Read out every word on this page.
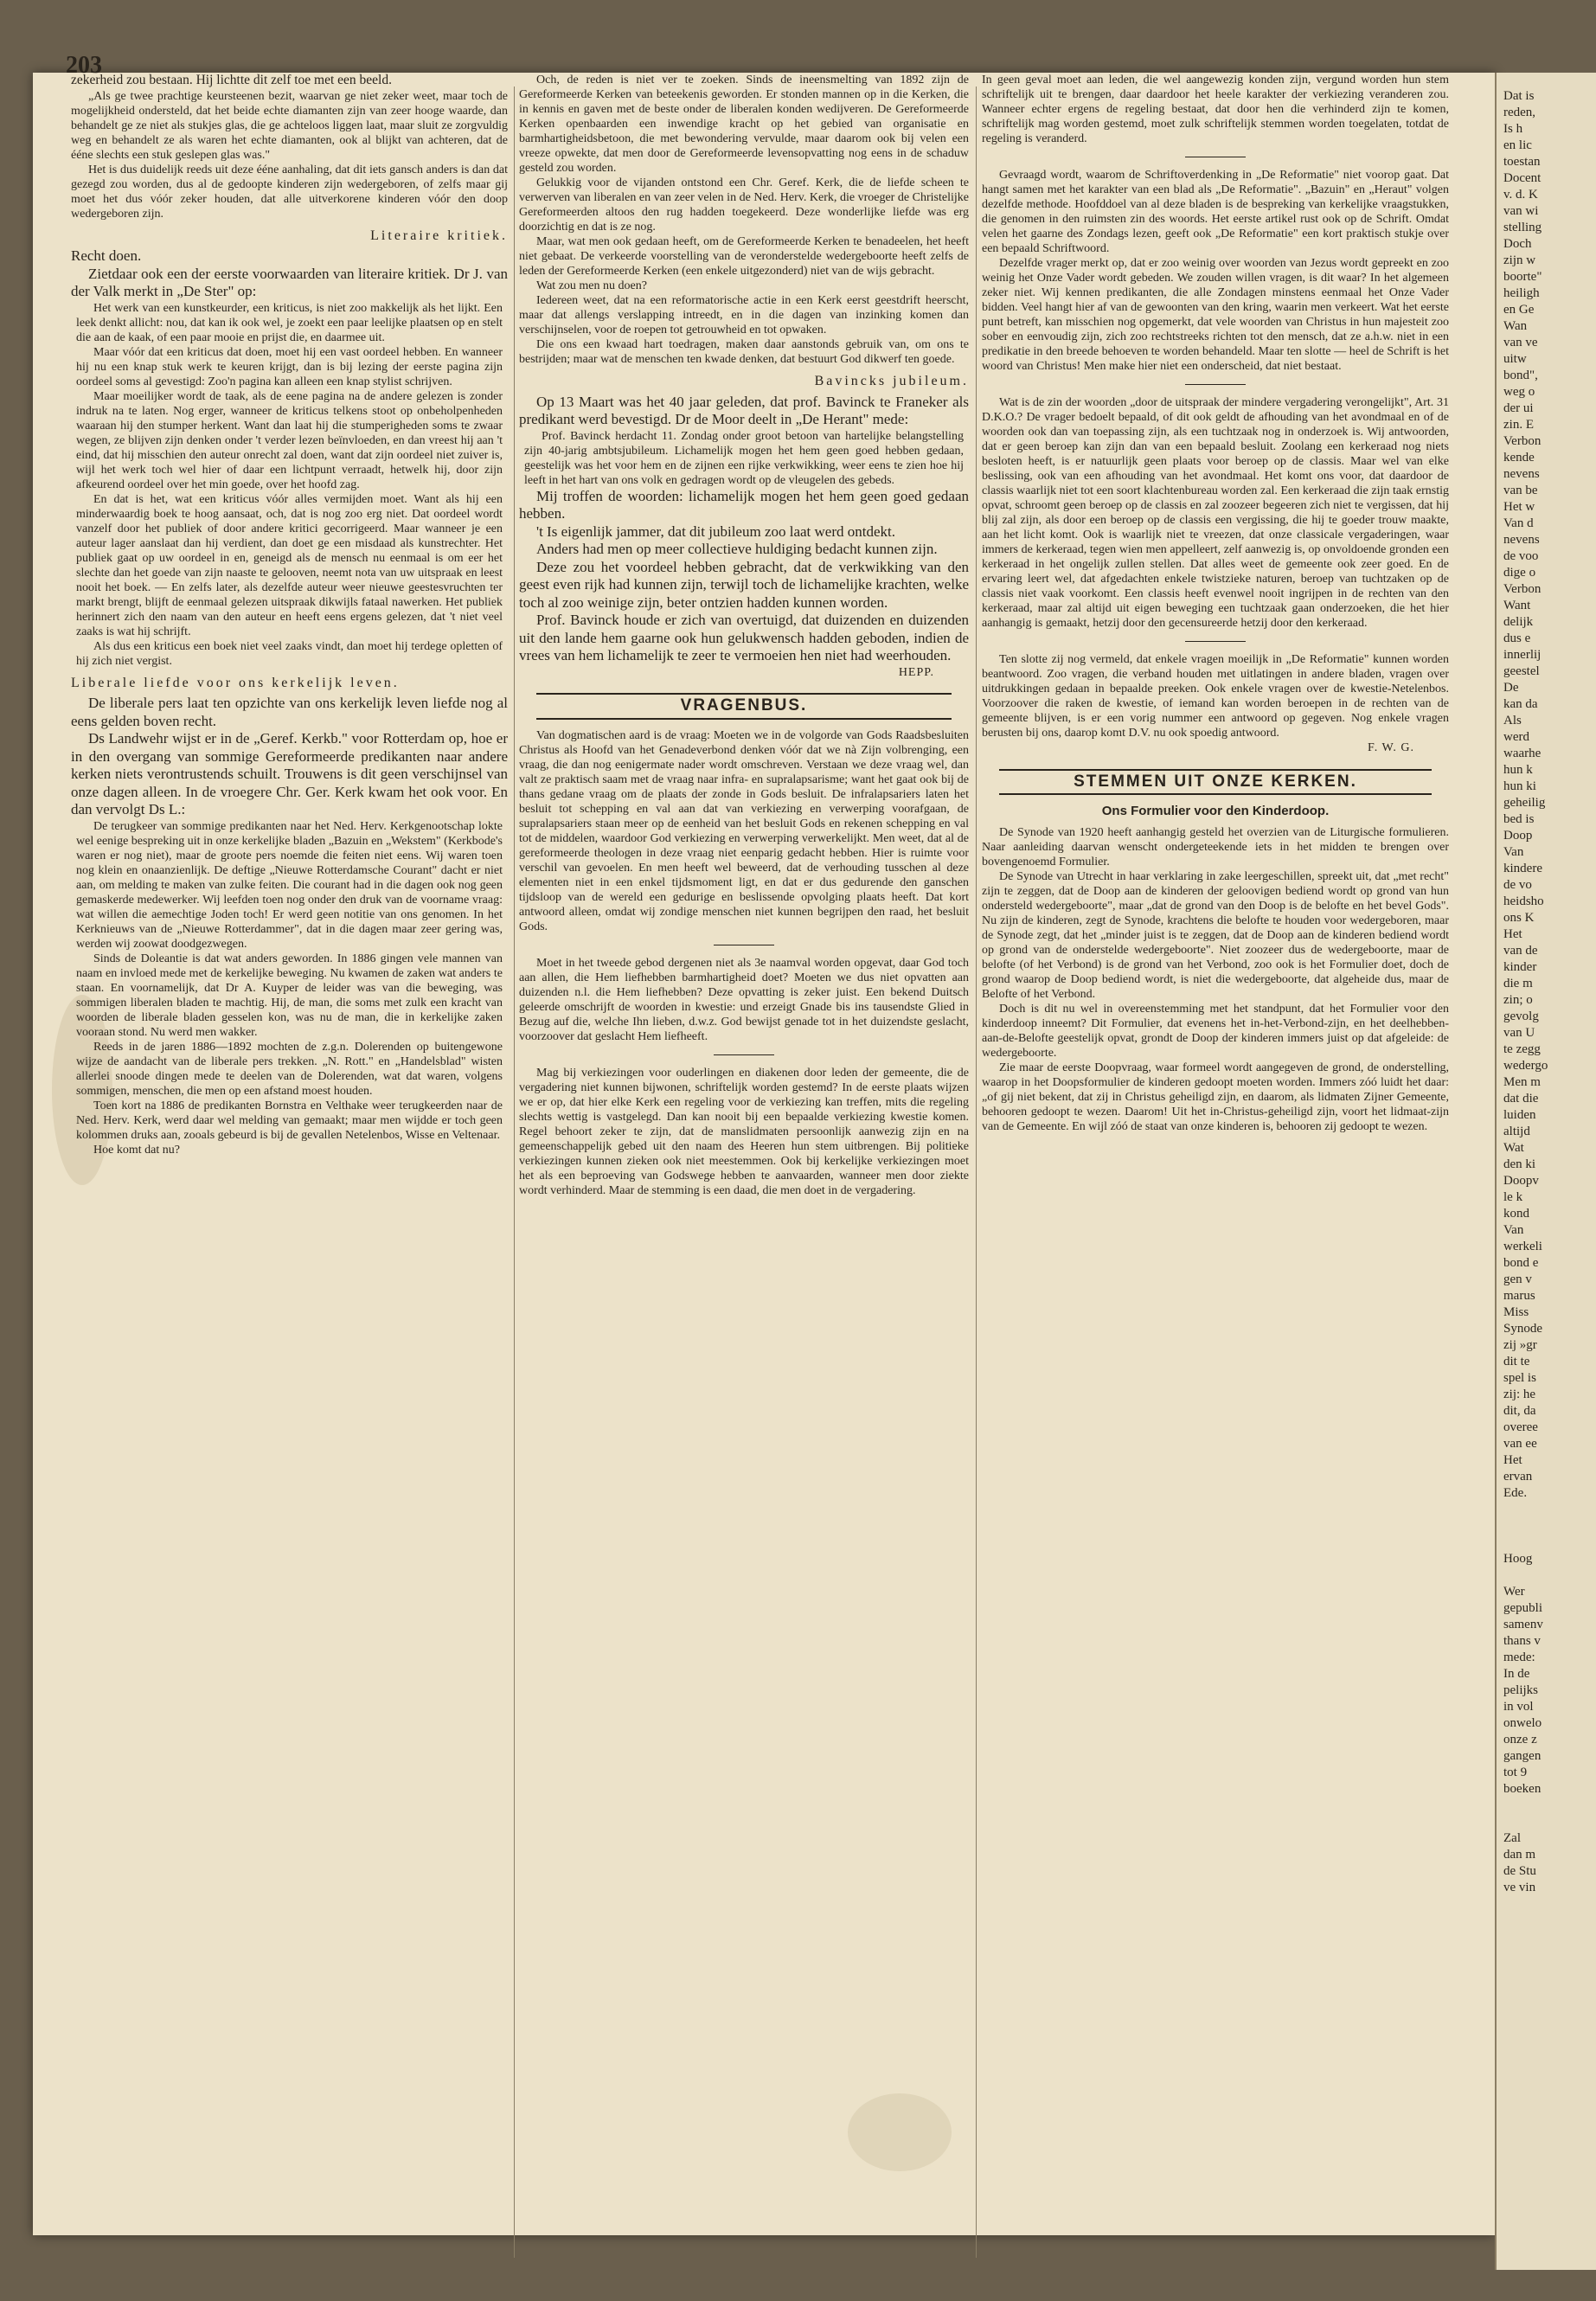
203

zekerheid zou bestaan. Hij lichtte dit zelf toe met een beeld.

„Als ge twee prachtige keursteenen bezit, waarvan ge niet zeker weet, maar toch de mogelijkheid ondersteld, dat het beide echte diamanten zijn van zeer hooge waarde, dan behandelt ge ze niet als stukjes glas, die ge achteloos liggen laat, maar sluit ze zorgvuldig weg en behandelt ze als waren het echte diamanten, ook al blijkt van achteren, dat de ééne slechts een stuk geslepen glas was."

Het is dus duidelijk reeds uit deze ééne aanhaling, dat dit iets gansch anders is dan dat gezegd zou worden, dus al de gedoopte kinderen zijn wedergeboren, of zelfs maar gij moet het dus vóór zeker houden, dat alle uitverkorene kinderen vóór den doop wedergeboren zijn.

Literaire kritiek.

Recht doen.

Zietdaar ook een der eerste voorwaarden van literaire kritiek. Dr J. van der Valk merkt in „De Ster" op:

Het werk van een kunstkeurder, een kriticus, is niet zoo makkelijk als het lijkt. Een leek denkt allicht: nou, dat kan ik ook wel, je zoekt een paar leelijke plaatsen op en stelt die aan de kaak, of een paar mooie en prijst die, en daarmee uit.

Maar vóór dat een kriticus dat doen, moet hij een vast oordeel hebben. En wanneer hij nu een knap stuk werk te keuren krijgt, dan is bij lezing der eerste pagina zijn oordeel soms al gevestigd: Zoo'n pagina kan alleen een knap stylist schrijven.

Maar moeilijker wordt de taak, als de eene pagina na de andere gelezen is zonder indruk na te laten. Nog erger, wanneer de kriticus telkens stoot op onbeholpenheden waaraan hij den stumper herkent. Want dan laat hij die stumperigheden soms te zwaar wegen, ze blijven zijn denken onder 't verder lezen beïnvloeden, en dan vreest hij aan 't eind, dat hij misschien den auteur onrecht zal doen, want dat zijn oordeel niet zuiver is, wijl het werk toch wel hier of daar een lichtpunt verraadt, hetwelk hij, door zijn afkeurend oordeel over het min goede, over het hoofd zag.

En dat is het, wat een kriticus vóór alles vermijden moet. Want als hij een minderwaardig boek te hoog aansaat, och, dat is nog zoo erg niet. Dat oordeel wordt vanzelf door het publiek of door andere kritici gecorrigeerd. Maar wanneer je een auteur lager aanslaat dan hij verdient, dan doet ge een misdaad als kunstrechter. Het publiek gaat op uw oordeel in en, geneigd als de mensch nu eenmaal is om eer het slechte dan het goede van zijn naaste te gelooven, neemt nota van uw uitspraak en leest nooit het boek. — En zelfs later, als dezelfde auteur weer nieuwe geestesvruchten ter markt brengt, blijft de eenmaal gelezen uitspraak dikwijls fataal nawerken. Het publiek herinnert zich den naam van den auteur en heeft eens ergens gelezen, dat 't niet veel zaaks is wat hij schrijft.

Als dus een kriticus een boek niet veel zaaks vindt, dan moet hij terdege opletten of hij zich niet vergist.

Liberale liefde voor ons kerkelijk leven.

De liberale pers laat ten opzichte van ons kerkelijk leven liefde nog al eens gelden boven recht.

Ds Landwehr wijst er in de „Geref. Kerkb." voor Rotterdam op, hoe er in den overgang van sommige Gereformeerde predikanten naar andere kerken niets verontrustends schuilt. Trouwens is dit geen verschijnsel van onze dagen alleen. In de vroegere Chr. Ger. Kerk kwam het ook voor. En dan vervolgt Ds L.:

De terugkeer van sommige predikanten naar het Ned. Herv. Kerkgenootschap lokte wel eenige bespreking uit in onze kerkelijke bladen „Bazuin en „Wekstem" (Kerkbode's waren er nog niet), maar de groote pers noemde die feiten niet eens. Wij waren toen nog klein en onaanzienlijk. De deftige „Nieuwe Rotterdamsche Courant" dacht er niet aan, om melding te maken van zulke feiten. Die courant had in die dagen ook nog geen gemaskerde medewerker. Wij leefden toen nog onder den druk van de voorname vraag: wat willen die aemechtige Joden toch! Er werd geen notitie van ons genomen. In het Kerknieuws van de „Nieuwe Rotterdammer", dat in die dagen maar zeer gering was, werden wij zoowat doodgezwegen.

Sinds de Doleantie is dat wat anders geworden. In 1886 gingen vele mannen van naam en invloed mede met de kerkelijke beweging. Nu kwamen de zaken wat anders te staan. En voornamelijk, dat Dr A. Kuyper de leider was van die beweging, was sommigen liberalen bladen te machtig. Hij, de man, die soms met zulk een kracht van woorden de liberale bladen gesselen kon, was nu de man, die in kerkelijke zaken vooraan stond. Nu werd men wakker.

Reeds in de jaren 1886—1892 mochten de z.g.n. Dolerenden op buitengewone wijze de aandacht van de liberale pers trekken. „N. Rott." en „Handelsblad" wisten allerlei snoode dingen mede te deelen van de Dolerenden, wat dat waren, volgens sommigen, menschen, die men op een afstand moest houden.

Toen kort na 1886 de predikanten Bornstra en Velthake weer terugkeerden naar de Ned. Herv. Kerk, werd daar wel melding van gemaakt; maar men wijdde er toch geen kolommen druks aan, zooals gebeurd is bij de gevallen Netelenbos, Wisse en Veltenaar.

Hoe komt dat nu?

Och, de reden is niet ver te zoeken. Sinds de ineensmelting van 1892 zijn de Gereformeerde Kerken van beteekenis geworden. Er stonden mannen op in die Kerken, die in kennis en gaven met de beste onder de liberalen konden wedijveren. De Gereformeerde Kerken openbaarden een inwendige kracht op het gebied van organisatie en barmhartigheidsbetoon, die met bewondering vervulde, maar daarom ook bij velen een vreeze opwekte, dat men door de Gereformeerde levensopvatting nog eens in de schaduw gesteld zou worden.

Gelukkig voor de vijanden ontstond een Chr. Geref. Kerk, die de liefde scheen te verwerven van liberalen en van zeer velen in de Ned. Herv. Kerk, die vroeger de Christelijke Gereformeerden altoos den rug hadden toegekeerd. Deze wonderlijke liefde was erg doorzichtig en dat is ze nog.

Maar, wat men ook gedaan heeft, om de Gereformeerde Kerken te benadeelen, het heeft niet gebaat. De verkeerde voorstelling van de veronderstelde wedergeboorte heeft zelfs de leden der Gereformeerde Kerken (een enkele uitgezonderd) niet van de wijs gebracht.

Wat zou men nu doen?

Iedereen weet, dat na een reformatorische actie in een Kerk eerst geestdrift heerscht, maar dat allengs verslapping intreedt, en in die dagen van inzinking komen dan verschijnselen, voor de roepen tot getrouwheid en tot opwaken.

Die ons een kwaad hart toedragen, maken daar aanstonds gebruik van, om ons te bestrijden; maar wat de menschen ten kwade denken, dat bestuurt God dikwerf ten goede.

Bavincks jubileum.

Op 13 Maart was het 40 jaar geleden, dat prof. Bavinck te Franeker als predikant werd bevestigd. Dr de Moor deelt in „De Herant" mede:

Prof. Bavinck herdacht 11. Zondag onder groot betoon van hartelijke belangstelling zijn 40-jarig ambtsjubileum. Lichamelijk mogen het hem geen goed hebben gedaan, geestelijk was het voor hem en de zijnen een rijke verkwikking, weer eens te zien hoe hij leeft in het hart van ons volk en gedragen wordt op de vleugelen des gebeds.

Mij troffen de woorden: lichamelijk mogen het hem geen goed gedaan hebben.

't Is eigenlijk jammer, dat dit jubileum zoo laat werd ontdekt.

Anders had men op meer collectieve huldiging bedacht kunnen zijn.

Deze zou het voordeel hebben gebracht, dat de verkwikking van den geest even rijk had kunnen zijn, terwijl toch de lichamelijke krachten, welke toch al zoo weinige zijn, beter ontzien hadden kunnen worden.

Prof. Bavinck houde er zich van overtuigd, dat duizenden en duizenden uit den lande hem gaarne ook hun gelukwensch hadden geboden, indien de vrees van hem lichamelijk te zeer te vermoeien hen niet had weerhouden.

HEPP.

VRAGENBUS.

Van dogmatischen aard is de vraag: Moeten we in de volgorde van Gods Raadsbesluiten Christus als Hoofd van het Genadeverbond denken vóór dat we nà Zijn volbrenging, een vraag, die dan nog eenigermate nader wordt omschreven. Verstaan we deze vraag wel, dan valt ze praktisch saam met de vraag naar infra- en supralapsarisme; want het gaat ook bij de thans gedane vraag om de plaats der zonde in Gods besluit. De infralapsariers laten het besluit tot schepping en val aan dat van verkiezing en verwerping voorafgaan, de supralapsariers staan meer op de eenheid van het besluit Gods en rekenen schepping en val tot de middelen, waardoor God verkiezing en verwerping verwerkelijkt. Men weet, dat al de gereformeerde theologen in deze vraag niet eenparig gedacht hebben. Hier is ruimte voor verschil van gevoelen. En men heeft wel beweerd, dat de verhouding tusschen al deze elementen niet in een enkel tijdsmoment ligt, en dat er dus gedurende den ganschen tijdsloop van de wereld een gedurige en beslissende opvolging plaats heeft. Dat kort antwoord alleen, omdat wij zondige menschen niet kunnen begrijpen den raad, het besluit Gods.

Moet in het tweede gebod dergenen niet als 3e naamval worden opgevat, daar God toch aan allen, die Hem liefhebben barmhartigheid doet? Moeten we dus niet opvatten aan duizenden n.l. die Hem liefhebben? Deze opvatting is zeker juist. Een bekend Duitsch geleerde omschrijft de woorden in kwestie: und erzeigt Gnade bis ins tausendste Glied in Bezug auf die, welche Ihn lieben, d.w.z. God bewijst genade tot in het duizendste geslacht, voorzoover dat geslacht Hem liefheeft.

Mag bij verkiezingen voor ouderlingen en diakenen door leden der gemeente, die de vergadering niet kunnen bijwonen, schriftelijk worden gestemd? In de eerste plaats wijzen we er op, dat hier elke Kerk een regeling voor de verkiezing kan treffen, mits die regeling slechts wettig is vastgelegd. Dan kan nooit bij een bepaalde verkiezing kwestie komen. Regel behoort zeker te zijn, dat de manslidmaten persoonlijk aanwezig zijn en na gemeenschappelijk gebed uit den naam des Heeren hun stem uitbrengen. Bij politieke verkiezingen kunnen zieken ook niet meestemmen. Ook bij kerkelijke verkiezingen moet het als een beproeving van Godswege hebben te aanvaarden, wanneer men door ziekte wordt verhinderd. Maar de stemming is een daad, die men doet in de vergadering.

In geen geval moet aan leden, die wel aangewezig konden zijn, vergund worden hun stem schriftelijk uit te brengen, daar daardoor het heele karakter der verkiezing veranderen zou. Wanneer echter ergens de regeling bestaat, dat door hen die verhinderd zijn te komen, schriftelijk mag worden gestemd, moet zulk schriftelijk stemmen worden toegelaten, totdat de regeling is veranderd.

Gevraagd wordt, waarom de Schriftoverdenking in „De Reformatie" niet voorop gaat. Dat hangt samen met het karakter van een blad als „De Reformatie". „Bazuin" en „Heraut" volgen dezelfde methode. Hoofddoel van al deze bladen is de bespreking van kerkelijke vraagstukken, die genomen in den ruimsten zin des woords. Het eerste artikel rust ook op de Schrift. Omdat velen het gaarne des Zondags lezen, geeft ook „De Reformatie" een kort praktisch stukje over een bepaald Schriftwoord.

Dezelfde vrager merkt op, dat er zoo weinig over woorden van Jezus wordt gepreekt en zoo weinig het Onze Vader wordt gebeden. We zouden willen vragen, is dit waar? In het algemeen zeker niet. Wij kennen predikanten, die alle Zondagen minstens eenmaal het Onze Vader bidden. Veel hangt hier af van de gewoonten van den kring, waarin men verkeert. Wat het eerste punt betreft, kan misschien nog opgemerkt, dat vele woorden van Christus in hun majesteit zoo sober en eenvoudig zijn, zich zoo rechtstreeks richten tot den mensch, dat ze a.h.w. niet in een predikatie in den breede behoeven te worden behandeld. Maar ten slotte — heel de Schrift is het woord van Christus! Men make hier niet een onderscheid, dat niet bestaat.

Wat is de zin der woorden „door de uitspraak der mindere vergadering verongelijkt", Art. 31 D.K.O.? De vrager bedoelt bepaald, of dit ook geldt de afhouding van het avondmaal en of de woorden ook dan van toepassing zijn, als een tuchtzaak nog in onderzoek is. Wij antwoorden, dat er geen beroep kan zijn dan van een bepaald besluit. Zoolang een kerkeraad nog niets besloten heeft, is er natuurlijk geen plaats voor beroep op de classis. Maar wel van elke beslissing, ook van een afhouding van het avondmaal. Het komt ons voor, dat daardoor de classis waarlijk niet tot een soort klachtenbureau worden zal. Een kerkeraad die zijn taak ernstig opvat, schroomt geen beroep op de classis en zal zoozeer begeeren zich niet te vergissen, dat hij blij zal zijn, als door een beroep op de classis een vergissing, die hij te goeder trouw maakte, aan het licht komt. Ook is waarlijk niet te vreezen, dat onze classicale vergaderingen, waar immers de kerkeraad, tegen wien men appelleert, zelf aanwezig is, op onvoldoende gronden een kerkeraad in het ongelijk zullen stellen. Dat alles weet de gemeente ook zeer goed. En de ervaring leert wel, dat afgedachten enkele twistzieke naturen, beroep van tuchtzaken op de classis niet vaak voorkomt. Een classis heeft evenwel nooit ingrijpen in de rechten van den kerkeraad, maar zal altijd uit eigen beweging een tuchtzaak gaan onderzoeken, die het hier aanhangig is gemaakt, hetzij door den gecensureerde hetzij door den kerkeraad.

Ten slotte zij nog vermeld, dat enkele vragen moeilijk in „De Reformatie" kunnen worden beantwoord. Zoo vragen, die verband houden met uitlatingen in andere bladen, vragen over uitdrukkingen gedaan in bepaalde preeken. Ook enkele vragen over de kwestie-Netelenbos. Voorzoover die raken de kwestie, of iemand kan worden beroepen in de rechten van de gemeente blijven, is er een vorig nummer een antwoord op gegeven. Nog enkele vragen berusten bij ons, daarop komt D.V. nu ook spoedig antwoord.

F. W. G.

STEMMEN UIT ONZE KERKEN.
Ons Formulier voor den Kinderdoop.

De Synode van 1920 heeft aanhangig gesteld het overzien van de Liturgische formulieren. Naar aanleiding daarvan wenscht ondergeteekende iets in het midden te brengen over bovengenoemd Formulier.

De Synode van Utrecht in haar verklaring in zake leergeschillen, spreekt uit, dat „met recht" zijn te zeggen, dat de Doop aan de kinderen der geloovigen bediend wordt op grond van hun ondersteld wedergeboorte", maar „dat de grond van den Doop is de belofte en het bevel Gods". Nu zijn de kinderen, zegt de Synode, krachtens die belofte te houden voor wedergeboren, maar de Synode zegt, dat het „minder juist is te zeggen, dat de Doop aan de kinderen bediend wordt op grond van de onderstelde wedergeboorte". Niet zoozeer dus de wedergeboorte, maar de belofte (of het Verbond) is de grond van het Verbond, zoo ook is het Formulier doet, doch de grond waarop de Doop bediend wordt, is niet die wedergeboorte, dat algeheide dus, maar de Belofte of het Verbond.

Doch is dit nu wel in overeenstemming met het standpunt, dat het Formulier voor den kinderdoop inneemt? Dit Formulier, dat evenens het in-het-Verbond-zijn, en het deelhebben-aan-de-Belofte geestelijk opvat, grondt de Doop der kinderen immers juist op dat afgeleide: de wedergeboorte.

Zie maar de eerste Doopvraag, waar formeel wordt aangegeven de grond, de onderstelling, waarop in het Doopsformulier de kinderen gedoopt moeten worden. Immers zóó luidt het daar: „of gij niet bekent, dat zij in Christus geheiligd zijn, en daarom, als lidmaten Zijner Gemeente, behooren gedoopt te wezen. Daarom! Uit het in-Christus-geheiligd zijn, voort het lidmaat-zijn van de Gemeente. En wijl zóó de staat van onze kinderen is, behooren zij gedoopt te wezen.

Dat is
reden,
Is h
en lic
toestan
Docent
v. d. K
van wi
stelling
Doch
zijn w
boorte"
heiligh
en Ge
Wan
van ve
uitw
bond",
weg o
der ui
zin. E
Verbon
kende
nevens
van be
Het w
Van d
nevens
de voo
dige o
Verbon
Want
delijk
dus e
innerlij
geestel
De
kan da
Als
werd
waarhe
hun k
hun ki
geheilig
bed is
Doop
Van
kindere
de vo
heidsho
ons K
Het
van de
kinder
die m
zin; o
gevolg
van U
te zegg
wedergo
Men m
dat die
luiden
altijd
Wat
den ki
Doopv
le k
kond
Van
werkeli
bond e
gen v
marus
Miss
Synode
zij »gr
dit te
spel is
zij: he
dit, da
overee
van ee
Het
ervan
Ede.

Hoog

Wer
gepubli
samenv
thans v
mede:
In de
pelijks
in vol
onwelo
onze z
gangen
tot 9
boeken

Zal
dan m
de Stu
ve vin
